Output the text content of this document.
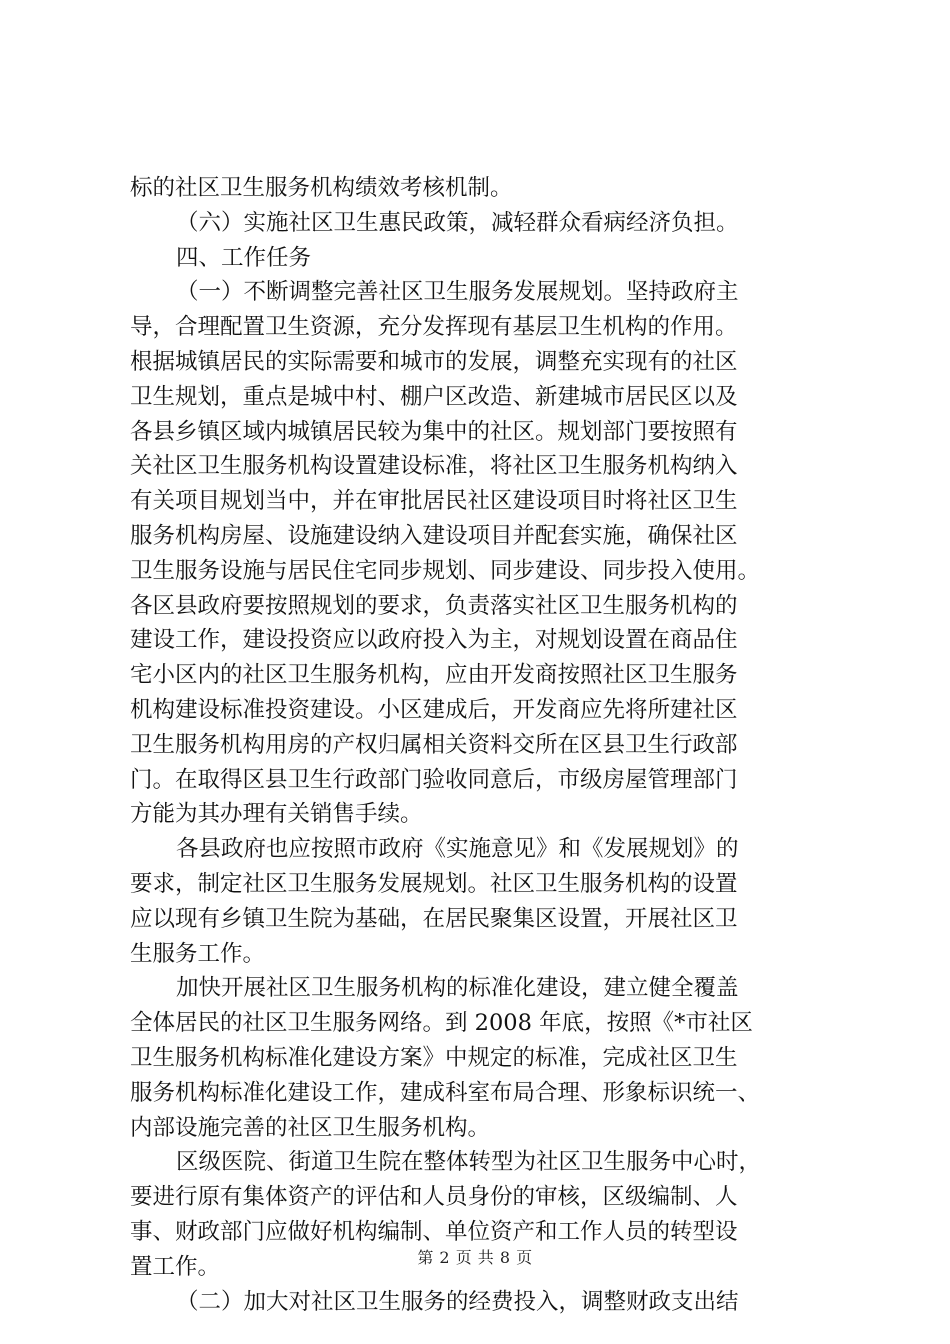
标的社区卫生服务机构绩效考核机制。
（六）实施社区卫生惠民政策，减轻群众看病经济负担。
四、工作任务
（一）不断调整完善社区卫生服务发展规划。坚持政府主
导，合理配置卫生资源，充分发挥现有基层卫生机构的作用。
根据城镇居民的实际需要和城市的发展，调整充实现有的社区
卫生规划，重点是城中村、棚户区改造、新建城市居民区以及
各县乡镇区域内城镇居民较为集中的社区。规划部门要按照有
关社区卫生服务机构设置建设标准，将社区卫生服务机构纳入
有关项目规划当中，并在审批居民社区建设项目时将社区卫生
服务机构房屋、设施建设纳入建设项目并配套实施，确保社区
卫生服务设施与居民住宅同步规划、同步建设、同步投入使用。
各区县政府要按照规划的要求，负责落实社区卫生服务机构的
建设工作，建设投资应以政府投入为主，对规划设置在商品住
宅小区内的社区卫生服务机构，应由开发商按照社区卫生服务
机构建设标准投资建设。小区建成后，开发商应先将所建社区
卫生服务机构用房的产权归属相关资料交所在区县卫生行政部
门。在取得区县卫生行政部门验收同意后，市级房屋管理部门
方能为其办理有关销售手续。
各县政府也应按照市政府《实施意见》和《发展规划》的
要求，制定社区卫生服务发展规划。社区卫生服务机构的设置
应以现有乡镇卫生院为基础，在居民聚集区设置，开展社区卫
生服务工作。
加快开展社区卫生服务机构的标准化建设，建立健全覆盖
全体居民的社区卫生服务网络。到 2008 年底，按照《*市社区
卫生服务机构标准化建设方案》中规定的标准，完成社区卫生
服务机构标准化建设工作，建成科室布局合理、形象标识统一、
内部设施完善的社区卫生服务机构。
区级医院、街道卫生院在整体转型为社区卫生服务中心时，
要进行原有集体资产的评估和人员身份的审核，区级编制、人
事、财政部门应做好机构编制、单位资产和工作人员的转型设
置工作。
（二）加大对社区卫生服务的经费投入，调整财政支出结
第 2 页 共 8 页
